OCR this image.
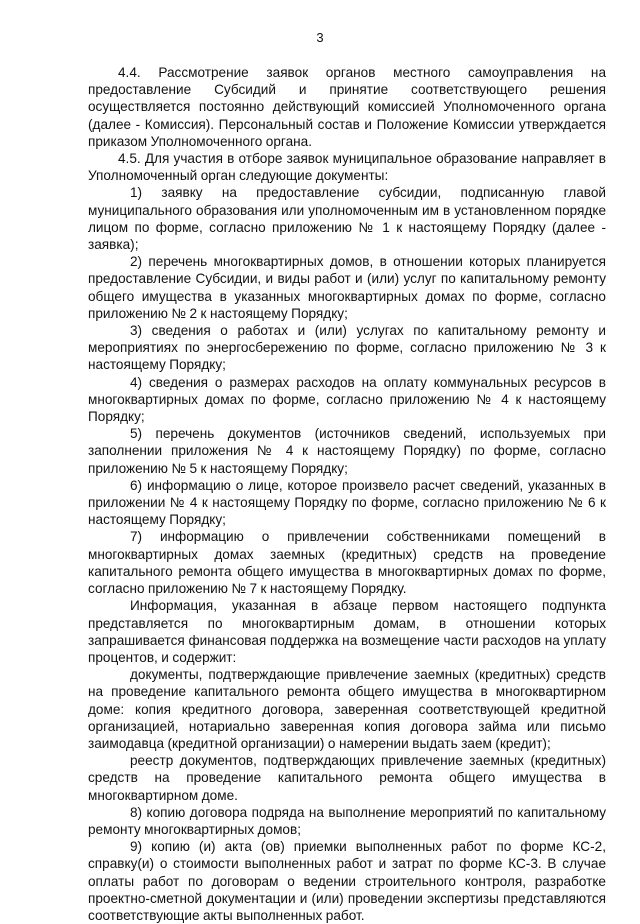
3

4.4. Рассмотрение заявок органов местного самоуправления на предоставление Субсидий и принятие соответствующего решения осуществляется постоянно действующий комиссией Уполномоченного органа (далее - Комиссия). Персональный состав и Положение Комиссии утверждается приказом Уполномоченного органа.

4.5. Для участия в отборе заявок муниципальное образование направляет в Уполномоченный орган следующие документы:

1) заявку на предоставление субсидии, подписанную главой муниципального образования или уполномоченным им в установленном порядке лицом по форме, согласно приложению № 1 к настоящему Порядку (далее - заявка);

2) перечень многоквартирных домов, в отношении которых планируется предоставление Субсидии, и виды работ и (или) услуг по капитальному ремонту общего имущества в указанных многоквартирных домах по форме, согласно приложению № 2 к настоящему Порядку;

3) сведения о работах и (или) услугах по капитальному ремонту и мероприятиях по энергосбережению по форме, согласно приложению № 3 к настоящему Порядку;

4) сведения о размерах расходов на оплату коммунальных ресурсов в многоквартирных домах по форме, согласно приложению № 4 к настоящему Порядку;

5) перечень документов (источников сведений, используемых при заполнении приложения № 4 к настоящему Порядку) по форме, согласно приложению № 5 к настоящему Порядку;

6) информацию о лице, которое произвело расчет сведений, указанных в приложении № 4 к настоящему Порядку по форме, согласно приложению № 6 к настоящему Порядку;

7) информацию о привлечении собственниками помещений в многоквартирных домах заемных (кредитных) средств на проведение капитального ремонта общего имущества в многоквартирных домах по форме, согласно приложению № 7 к настоящему Порядку.

Информация, указанная в абзаце первом настоящего подпункта представляется по многоквартирным домам, в отношении которых запрашивается финансовая поддержка на возмещение части расходов на уплату процентов, и содержит:

документы, подтверждающие привлечение заемных (кредитных) средств на проведение капитального ремонта общего имущества в многоквартирном доме: копия кредитного договора, заверенная соответствующей кредитной организацией, нотариально заверенная копия договора займа или письмо заимодавца (кредитной организации) о намерении выдать заем (кредит);

реестр документов, подтверждающих привлечение заемных (кредитных) средств на проведение капитального ремонта общего имущества в многоквартирном доме.

8) копию договора подряда на выполнение мероприятий по капитальному ремонту многоквартирных домов;

9) копию (и) акта (ов) приемки выполненных работ по форме КС-2, справку(и) о стоимости выполненных работ и затрат по форме КС-3. В случае оплаты работ по договорам о ведении строительного контроля, разработке проектно-сметной документации и (или) проведении экспертизы представляются соответствующие акты выполненных работ.
